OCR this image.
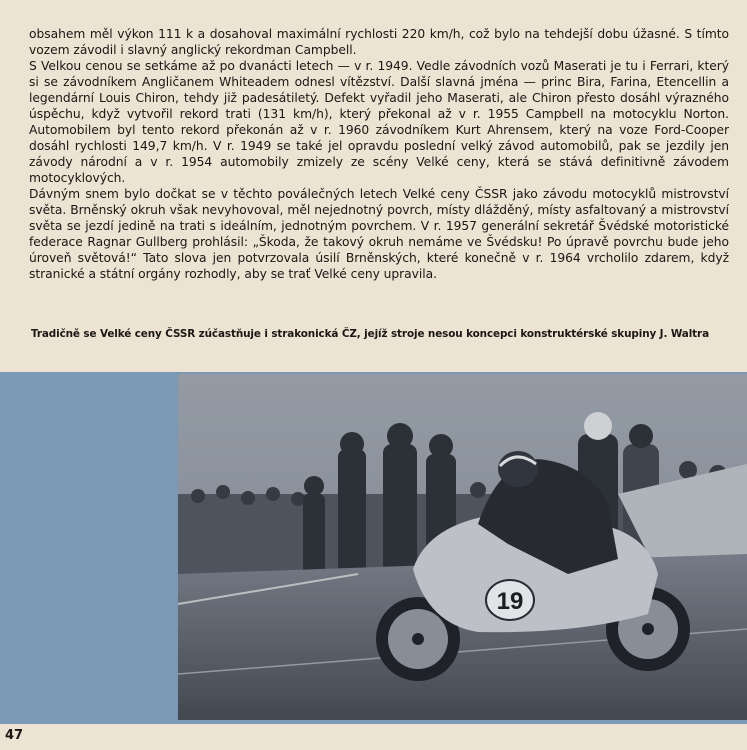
obsahem měl výkon 111 k a dosahoval maximální rychlosti 220 km/h, což bylo na tehdejší dobu úžasné. S tímto vozem závodil i slavný anglický rekordman Campbell.

S Velkou cenou se setkáme až po dvanácti letech — v r. 1949. Vedle závodních vozů Maserati je tu i Ferrari, který si se závodníkem Angličanem Whiteadem odnesl vítězství. Další slavná jména — princ Bira, Farina, Etencellin a legendární Louis Chiron, tehdy již padesátiletý. Defekt vyřadil jeho Maserati, ale Chiron přesto dosáhl výrazného úspěchu, když vytvořil rekord trati (131 km/h), který překonal až v r. 1955 Campbell na motocyklu Norton. Automobilem byl tento rekord překonán až v r. 1960 závodníkem Kurt Ahrensem, který na voze Ford-Cooper dosáhl rychlosti 149,7 km/h. V r. 1949 se také jel opravdu poslední velký závod automobilů, pak se jezdily jen závody národní a v r. 1954 automobily zmizely ze scény Velké ceny, která se stává definitivně závodem motocyklových.

Dávným snem bylo dočkat se v těchto poválečných letech Velké ceny ČSSR jako závodu motocyklů mistrovství světa. Brněnský okruh však nevyhovoval, měl nejednotný povrch, místy dlážděný, místy asfaltovaný a mistrovství světa se jezdí jedině na trati s ideálním, jednotným povrchem. V r. 1957 generální sekretář Švédské motoristické federace Ragnar Gullberg prohlásil: „Škoda, že takový okruh nemáme ve Švédsku! Po úpravě povrchu bude jeho úroveň světová!“ Tato slova jen potvrzovala úsilí Brněnských, které konečně v r. 1964 vrcholilo zdarem, když stranické a státní orgány rozhodly, aby se trať Velké ceny upravila.

Tradičně se Velké ceny ČSSR zúčastňuje i strakonická ČZ, jejíž stroje nesou koncepci konstruktérské skupiny J. Waltra
19
47
